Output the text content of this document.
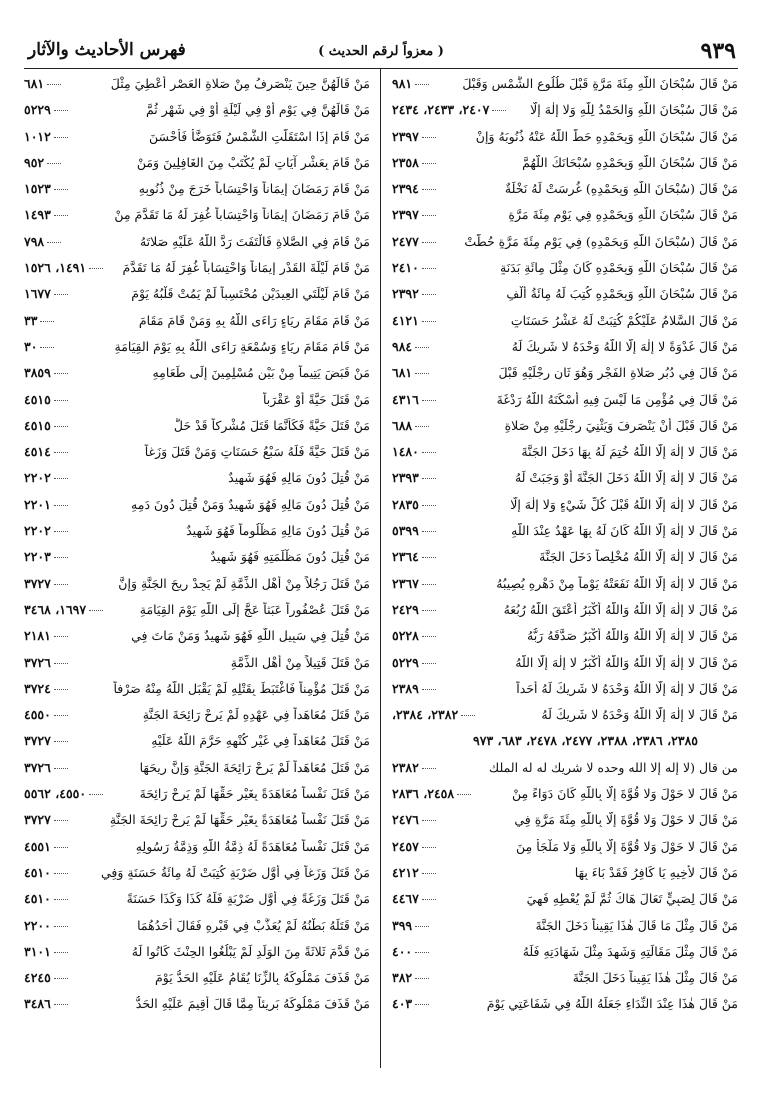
٩٣٩
( معزواً لرقم الحديث )
فهرس الأحاديث والآثار
مَنْ قَالَ سُبْحَانَ اللَّهِ مِئَةَ مَرَّةٍ قَبْلَ طُلُوعِ الشَّمْسِ وَقَبْلَ
٩٨١
مَنْ قَالَ سُبْحَانَ اللَّهِ وَالحَمْدُ لِلَّهِ وَلا إِلٰهَ إِلَّا
٢٤٠٧، ٢٤٣٣، ٢٤٣٤
مَنْ قَالَ سُبْحَانَ اللَّهِ وَبِحَمْدِهِ حَطَّ اللَّهُ عَنْهُ ذُنُوبَهُ وَإِنْ
٢٣٩٧
مَنْ قَالَ سُبْحَانَ اللَّهِ وَبِحَمْدِهِ سُبْحَانَكَ اللَّهُمَّ
٢٣٥٨
مَنْ قَالَ (سُبْحَانَ اللَّهِ وَبِحَمْدِهِ) غُرِسَتْ لَهُ نَخْلَةٌ
٢٣٩٤
مَنْ قَالَ سُبْحَانَ اللَّهِ وَبِحَمْدِهِ فِي يَوْمٍ مِئَةَ مَرَّةٍ
٢٣٩٧
مَنْ قَالَ (سُبْحَانَ اللَّهِ وَبِحَمْدِهِ) فِي يَوْمٍ مِئَةَ مَرَّةٍ حُطَّتْ
٢٤٧٧
مَنْ قَالَ سُبْحَانَ اللَّهِ وَبِحَمْدِهِ كَانَ مِثْلَ مِائَةِ بَدَنَةٍ
٢٤١٠
مَنْ قَالَ سُبْحَانَ اللَّهِ وَبِحَمْدِهِ كُتِبَ لَهُ مِائَةُ أَلْفِ
٢٣٩٢
مَنْ قَالَ السَّلامُ عَلَيْكُمْ كُتِبَتْ لَهُ عَشْرُ حَسَنَاتٍ
٤١٢١
مَنْ قَالَ غَدْوَةً لا إِلٰهَ إِلَّا اللَّهُ وَحْدَهُ لا شَرِيكَ لَهُ
٩٨٤
مَنْ قَالَ فِي دُبُرِ صَلاةِ الفَجْرِ وَهُوَ ثَانٍ رِجْلَيْهِ قَبْلَ
٦٨١
مَنْ قَالَ فِي مُؤْمِنٍ مَا لَيْسَ فِيهِ أَسْكَنَهُ اللَّهُ رَدْغَةَ
٤٣١٦
مَنْ قَالَ قَبْلَ أَنْ يَنْصَرِفَ وَيَثْنِيَ رِجْلَيْهِ مِنْ صَلاةِ
٦٨٨
مَنْ قَالَ لا إِلٰهَ إِلَّا اللَّهُ خُتِمَ لَهُ بِهَا دَخَلَ الجَنَّةَ
١٤٨٠
مَنْ قَالَ لا إِلٰهَ إِلَّا اللَّهُ دَخَلَ الجَنَّةَ أَوْ وَجَبَتْ لَهُ
٢٣٩٣
مَنْ قَالَ لا إِلٰهَ إِلَّا اللَّهُ قَبْلَ كُلِّ شَيْءٍ وَلا إِلٰهَ إِلَّا
٢٨٣٥
مَنْ قَالَ لا إِلٰهَ إِلَّا اللَّهُ كَانَ لَهُ بِهَا عَهْدٌ عِنْدَ اللَّهِ
٥٣٩٩
مَنْ قَالَ لا إِلٰهَ إِلَّا اللَّهُ مُخْلِصاً دَخَلَ الجَنَّةَ
٢٣٦٤
مَنْ قَالَ لا إِلٰهَ إِلَّا اللَّهُ نَفَعَتْهُ يَوْماً مِنْ دَهْرِهِ يُصِيبُهُ
٢٣٦٧
مَنْ قَالَ لا إِلٰهَ إِلَّا اللَّهُ وَاللَّهُ أَكْبَرُ أَعْتَقَ اللَّهُ رُبُعَهُ
٢٤٢٩
مَنْ قَالَ لا إِلٰهَ إِلَّا اللَّهُ وَاللَّهُ أَكْبَرُ صَدَّقَهُ رَبُّهُ
٥٢٢٨
مَنْ قَالَ لا إِلٰهَ إِلَّا اللَّهُ وَاللَّهُ أَكْبَرُ لا إِلٰهَ إِلَّا اللَّهُ
٥٢٢٩
مَنْ قَالَ لا إِلٰهَ إِلَّا اللَّهُ وَحْدَهُ لا شَرِيكَ لَهُ أَحَداً
٢٣٨٩
مَنْ قَالَ لا إِلٰهَ إِلَّا اللَّهُ وَحْدَهُ لا شَرِيكَ لَهُ
٢٣٨٢، ٢٣٨٤،
٢٣٨٥، ٢٣٨٦، ٢٣٨٨، ٢٤٧٧، ٢٤٧٨، ٦٨٣، ٩٧٣
من قال (لا إله إلا الله وحده لا شريك له له الملك
٢٣٨٢
مَنْ قَالَ لا حَوْلَ وَلا قُوَّةَ إِلَّا بِاللَّهِ كَانَ دَوَاءً مِنْ
٢٤٥٨، ٢٨٣٦
مَنْ قَالَ لا حَوْلَ وَلا قُوَّةَ إِلَّا بِاللَّهِ مِئَةَ مَرَّةٍ فِي
٢٤٧٦
مَنْ قَالَ لا حَوْلَ وَلا قُوَّةَ إِلَّا بِاللَّهِ وَلا مَلْجَأَ مِنَ
٢٤٥٧
مَنْ قَالَ لأَخِيهِ يَا كَافِرُ فَقَدْ بَاءَ بِهَا
٤٢١٢
مَنْ قَالَ لِصَبِيٍّ تَعَالَ هَاكَ ثُمَّ لَمْ يُعْطِهِ فَهِيَ
٤٤٦٧
مَنْ قَالَ مِثْلَ مَا قَالَ هٰذَا يَقِيناً دَخَلَ الجَنَّةَ
٣٩٩
مَنْ قَالَ مِثْلَ مَقَالَتِهِ وَشَهِدَ مِثْلَ شَهَادَتِهِ فَلَهُ
٤٠٠
مَنْ قَالَ مِثْلَ هٰذَا يَقِيناً دَخَلَ الجَنَّةَ
٣٨٢
مَنْ قَالَ هٰذَا عِنْدَ النِّدَاءِ جَعَلَهُ اللَّهُ فِي شَفَاعَتِي يَوْمَ
٤٠٣
مَنْ قَالَهُنَّ حِينَ يَنْصَرِفُ مِنْ صَلاةِ العَصْرِ أُعْطِيَ مِثْلَ
٦٨١
مَنْ قَالَهُنَّ فِي يَوْمٍ أَوْ فِي لَيْلَةٍ أَوْ فِي شَهْرٍ ثُمَّ
٥٢٢٩
مَنْ قَامَ إِذَا اسْتَقَلَّتِ الشَّمْسُ فَتَوَضَّأَ فَأَحْسَنَ
١٠١٢
مَنْ قَامَ بِعَشْرِ آيَاتٍ لَمْ يُكْتَبْ مِنَ الغَافِلِينَ وَمَنْ
٩٥٢
مَنْ قَامَ رَمَضَانَ إِيمَاناً وَاحْتِسَاباً خَرَجَ مِنْ ذُنُوبِهِ
١٥٢٣
مَنْ قَامَ رَمَضَانَ إِيمَاناً وَاحْتِسَاباً غُفِرَ لَهُ مَا تَقَدَّمَ مِنْ
١٤٩٣
مَنْ قَامَ فِي الصَّلاةِ فَالْتَفَتَ رَدَّ اللَّهُ عَلَيْهِ صَلاتَهُ
٧٩٨
مَنْ قَامَ لَيْلَةَ القَدْرِ إِيمَاناً وَاحْتِسَاباً غُفِرَ لَهُ مَا تَقَدَّمَ
١٤٩١، ١٥٢٦
مَنْ قَامَ لَيْلَتَيِ العِيدَيْنِ مُحْتَسِباً لَمْ يَمُتْ قَلْبُهُ يَوْمَ
١٦٧٧
مَنْ قَامَ مَقَامَ رِيَاءٍ رَاءَى اللَّهُ بِهِ وَمَنْ قَامَ مَقَامَ
٣٣
مَنْ قَامَ مَقَامَ رِيَاءٍ وَسُمْعَةٍ رَاءَى اللَّهُ بِهِ يَوْمَ القِيَامَةِ
٣٠
مَنْ قَبَضَ يَتِيماً مِنْ بَيْنِ مُسْلِمِينَ إِلَى طَعَامِهِ
٣٨٥٩
مَنْ قَتَلَ حَيَّةً أَوْ عَقْرَباً
٤٥١٥
مَنْ قَتَلَ حَيَّةً فَكَأَنَّمَا قَتَلَ مُشْرِكاً قَدْ حَلَّ
٤٥١٥
مَنْ قَتَلَ حَيَّةً فَلَهُ سَبْعُ حَسَنَاتٍ وَمَنْ قَتَلَ وَزَغاً
٤٥١٤
مَنْ قُتِلَ دُونَ مَالِهِ فَهُوَ شَهِيدٌ
٢٢٠٢
مَنْ قُتِلَ دُونَ مَالِهِ فَهُوَ شَهِيدٌ وَمَنْ قُتِلَ دُونَ دَمِهِ
٢٢٠١
مَنْ قُتِلَ دُونَ مَالِهِ مَظْلُوماً فَهُوَ شَهِيدٌ
٢٢٠٢
مَنْ قُتِلَ دُونَ مَظْلَمَتِهِ فَهُوَ شَهِيدٌ
٢٢٠٣
مَنْ قَتَلَ رَجُلاً مِنْ أَهْلِ الذِّمَّةِ لَمْ يَجِدْ رِيحَ الجَنَّةِ وَإِنَّ
٣٧٢٧
مَنْ قَتَلَ عُصْفُوراً عَبَثاً عَجَّ إِلَى اللَّهِ يَوْمَ القِيَامَةِ
١٦٩٧، ٣٤٦٨
مَنْ قُتِلَ فِي سَبِيلِ اللَّهِ فَهُوَ شَهِيدٌ وَمَنْ مَاتَ فِي
٢١٨١
مَنْ قَتَلَ قَتِيلاً مِنْ أَهْلِ الذِّمَّةِ
٣٧٢٦
مَنْ قَتَلَ مُؤْمِناً فَاغْتَبَطَ بِقَتْلِهِ لَمْ يَقْبَلِ اللَّهُ مِنْهُ صَرْفاً
٣٧٢٤
مَنْ قَتَلَ مُعَاهَداً فِي عَهْدِهِ لَمْ يَرِحْ رَائِحَةَ الجَنَّةِ
٤٥٥٠
مَنْ قَتَلَ مُعَاهَداً فِي غَيْرِ كُنْهِهِ حَرَّمَ اللَّهُ عَلَيْهِ
٣٧٢٧
مَنْ قَتَلَ مُعَاهَداً لَمْ يَرِحْ رَائِحَةَ الجَنَّةِ وَإِنَّ رِيحَهَا
٣٧٢٦
مَنْ قَتَلَ نَفْساً مُعَاهَدَةً بِغَيْرِ حَقِّهَا لَمْ يَرِحْ رَائِحَةَ
٤٥٥٠، ٥٥٦٢
مَنْ قَتَلَ نَفْساً مُعَاهَدَةً بِغَيْرِ حَقِّهَا لَمْ يَرِحْ رَائِحَةَ الجَنَّةِ
٣٧٢٧
مَنْ قَتَلَ نَفْساً مُعَاهَدَةً لَهُ ذِمَّةُ اللَّهِ وَذِمَّةُ رَسُولِهِ
٤٥٥١
مَنْ قَتَلَ وَزَغاً فِي أَوَّلِ ضَرْبَةٍ كُتِبَتْ لَهُ مِائَةُ حَسَنَةٍ وَفِي
٤٥١٠
مَنْ قَتَلَ وَزَغَةً فِي أَوَّلِ ضَرْبَةٍ فَلَهُ كَذَا وَكَذَا حَسَنَةً
٤٥١٠
مَنْ قَتَلَهُ بَطْنُهُ لَمْ يُعَذَّبْ فِي قَبْرِهِ فَقَالَ أَحَدُهُمَا
٢٢٠٠
مَنْ قَدَّمَ ثَلاثَةً مِنَ الوَلَدِ لَمْ يَبْلُغُوا الحِنْثَ كَانُوا لَهُ
٣١٠١
مَنْ قَذَفَ مَمْلُوكَهُ بِالزِّنَا يُقَامُ عَلَيْهِ الحَدُّ يَوْمَ
٤٢٤٥
مَنْ قَذَفَ مَمْلُوكَهُ بَرِيئاً مِمَّا قَالَ أُقِيمَ عَلَيْهِ الحَدُّ
٣٤٨٦
